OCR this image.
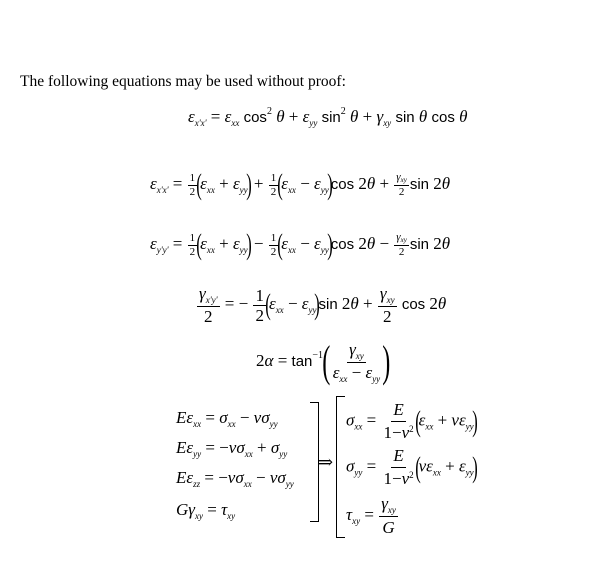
The following equations may be used without proof:
$\varepsilon_{x'x'} = \varepsilon_{xx}$ $\cos^2 \theta + \varepsilon_{yy}$ $\sin^2 \theta + \gamma_{xy}$ sin θ cos θ
$\varepsilon_{x'x'} = \frac{1}{2} (\varepsilon_{xx} + \varepsilon_{yy}) + \frac{1}{2} (\varepsilon_{xx} - \varepsilon_{yy})\cos$ $2\theta + \frac{\gamma_{xy}}{2}$ sin 2θ
$\varepsilon_{y'y'} = \frac{1}{2} (\varepsilon_{xx} + \varepsilon_{yy}) - \frac{1}{2} (\varepsilon_{xx} - \varepsilon_{yy})\cos$ $2\theta - \frac{\gamma_{xy}}{2}$ sin 2θ
$\frac{\gamma_{x'y'}}{2}$ = − $\frac{1}{2} (\varepsilon_{xx} - \varepsilon_{yy})\sin$ $2\theta + \frac{\gamma_{xy}}{2}$ cos 2θ
$2\alpha = \tan^{-1}( \frac{\gamma_{xy}}{\varepsilon_{xx} - \varepsilon_{yy}}$ )
$E\varepsilon_{xx} = \sigma_{xx} - \nu\sigma_{yy}$
$E\varepsilon_{yy} = -\nu\sigma_{xx} + \sigma_{yy}$
$E\varepsilon_{zz} = -\nu\sigma_{xx} - \nu\sigma_{yy}$
$G\gamma_{xy} = \tau_{xy}$
⇒
$\sigma_{xx} = \frac{E}{1-\nu^2} (\varepsilon_{xx} + \nu\varepsilon_{yy})$
$\sigma_{yy} = \frac{E}{1-\nu^2} (\nu\varepsilon_{xx} + \varepsilon_{yy})$
$\tau_{xy} = \frac{\gamma_{xy}}{G}$
